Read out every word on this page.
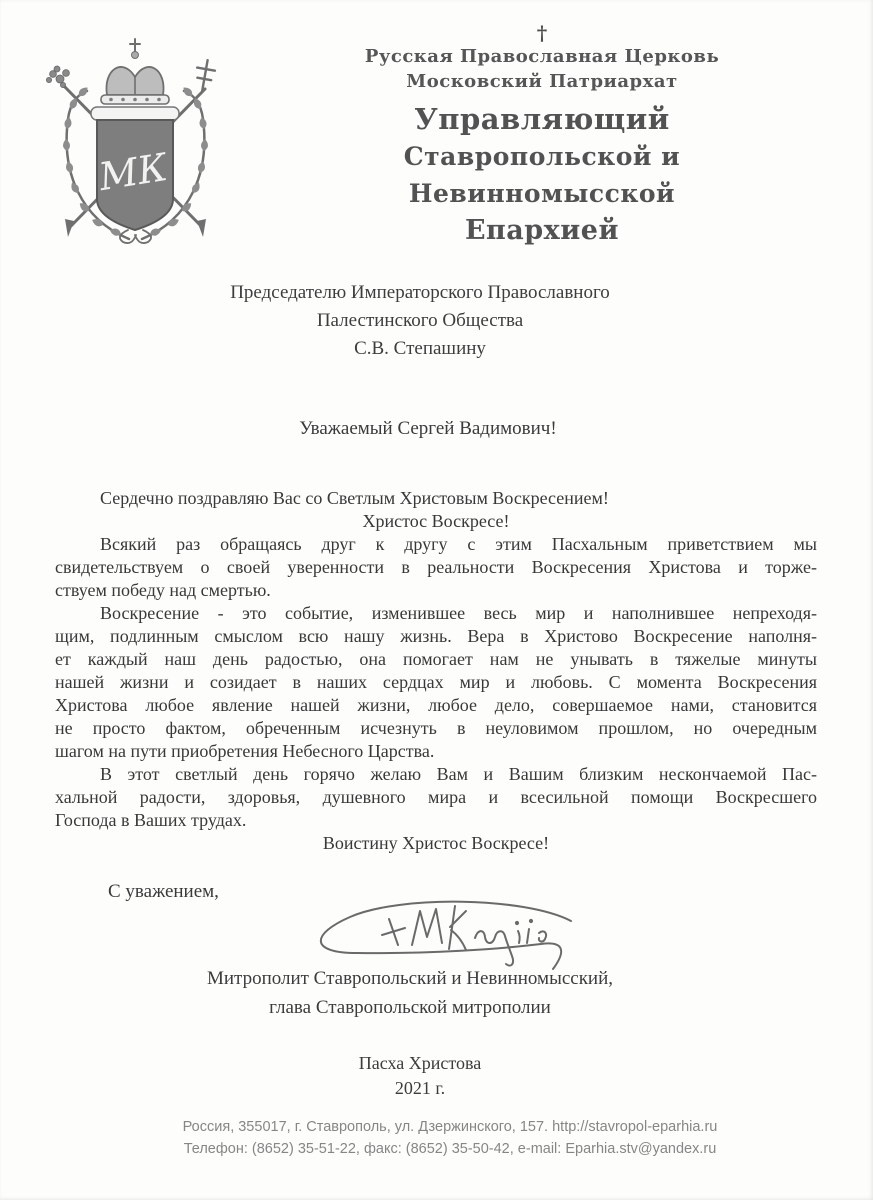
МК
†
Русская Православная Церковь
Московский Патриархат
Управляющий
Ставропольской и Невинномысской
Епархией
Председателю Императорского Православного
Палестинского Общества
С.В. Степашину
Уважаемый Сергей Вадимович!
Сердечно поздравляю Вас со Светлым Христовым Воскресением!
Христос Воскресе!
Всякий раз обращаясь друг к другу с этим Пасхальным приветствием мы
свидетельствуем о своей уверенности в реальности Воскресения Христова и торже-
ствуем победу над смертью.
Воскресение - это событие, изменившее весь мир и наполнившее непреходя-
щим, подлинным смыслом всю нашу жизнь. Вера в Христово Воскресение наполня-
ет каждый наш день радостью, она помогает нам не унывать в тяжелые минуты
нашей жизни и созидает в наших сердцах мир и любовь. С момента Воскресения
Христова любое явление нашей жизни, любое дело, совершаемое нами, становится
не просто фактом, обреченным исчезнуть в неуловимом прошлом, но очередным
шагом на пути приобретения Небесного Царства.
В этот светлый день горячо желаю Вам и Вашим близким нескончаемой Пас-
хальной радости, здоровья, душевного мира и всесильной помощи Воскресшего
Господа в Ваших трудах.
Воистину Христос Воскресе!
С уважением,
Митрополит Ставропольский и Невинномысский,
глава Ставропольской митрополии
Пасха Христова
2021 г.
Россия, 355017, г. Ставрополь, ул. Дзержинского, 157. http://stavropol-eparhia.ru
Телефон: (8652) 35-51-22, факс: (8652) 35-50-42, e-mail: Eparhia.stv@yandex.ru
